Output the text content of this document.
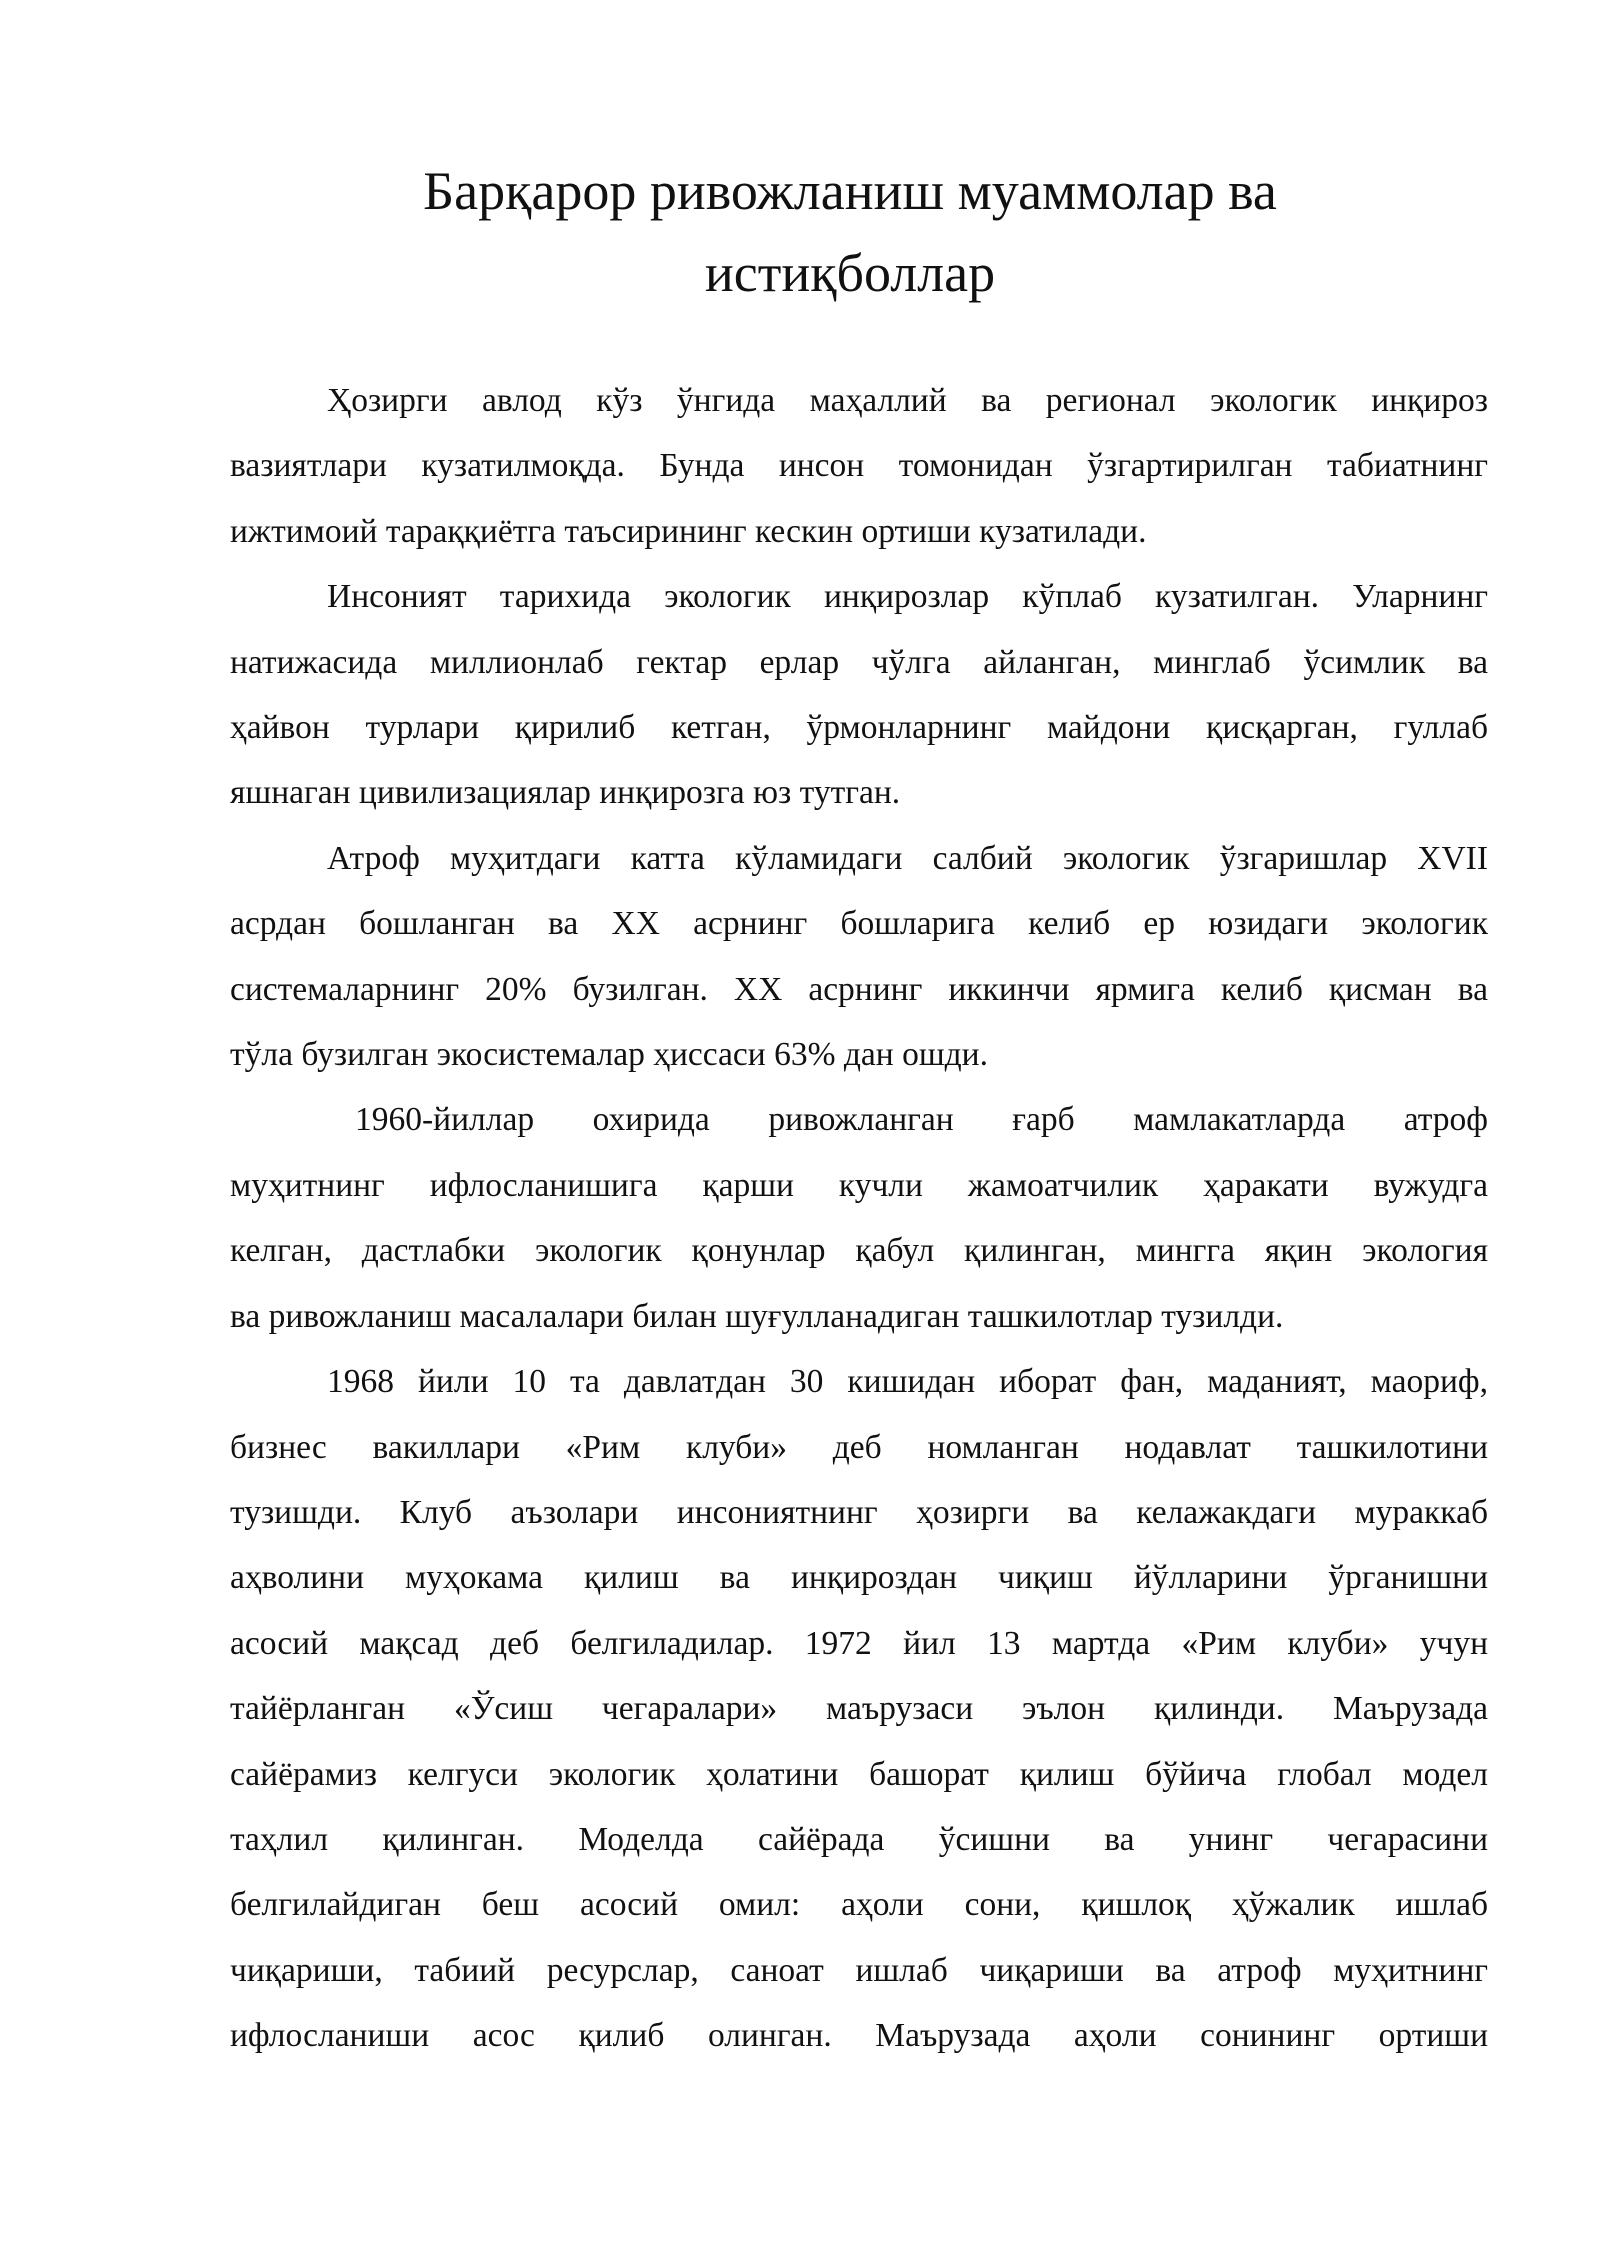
Барқарор ривожланиш муаммолар ва
истиқболлар

Ҳозирги авлод кўз ўнгида маҳаллий ва регионал экологик инқироз
вазиятлари кузатилмоқда. Бунда инсон томонидан ўзгартирилган табиатнинг
ижтимоий тараққиётга таъсирининг кескин ортиши кузатилади.

Инсоният тарихида экологик инқирозлар кўплаб кузатилган. Уларнинг
натижасида миллионлаб гектар ерлар чўлга айланган, минглаб ўсимлик ва
ҳайвон турлари қирилиб кетган, ўрмонларнинг майдони қисқарган, гуллаб
яшнаган цивилизациялар инқирозга юз тутган.

Атроф муҳитдаги катта кўламидаги салбий экологик ўзгаришлар XVII
асрдан бошланган ва XX асрнинг бошларига келиб ер юзидаги экологик
системаларнинг 20% бузилган. XX асрнинг иккинчи ярмига келиб қисман ва
тўла бузилган экосистемалар ҳиссаси 63% дан ошди.

1960-йиллар охирида ривожланган ғарб мамлакатларда атроф
муҳитнинг ифлосланишига қарши кучли жамоатчилик ҳаракати вужудга
келган, дастлабки экологик қонунлар қабул қилинган, мингга яқин экология
ва ривожланиш масалалари билан шуғулланадиган ташкилотлар тузилди.

1968 йили 10 та давлатдан 30 кишидан иборат фан, маданият, маориф,
бизнес вакиллари «Рим клуби» деб номланган нодавлат ташкилотини
тузишди. Клуб аъзолари инсониятнинг ҳозирги ва келажакдаги мураккаб
аҳволини муҳокама қилиш ва инқироздан чиқиш йўлларини ўрганишни
асосий мақсад деб белгиладилар. 1972 йил 13 мартда «Рим клуби» учун
тайёрланган «Ўсиш чегаралари» маърузаси эълон қилинди. Маърузада
сайёрамиз келгуси экологик ҳолатини башорат қилиш бўйича глобал модел
таҳлил қилинган. Моделда сайёрада ўсишни ва унинг чегарасини
белгилайдиган беш асосий омил: аҳоли сони, қишлоқ ҳўжалик ишлаб
чиқариши, табиий ресурслар, саноат ишлаб чиқариши ва атроф муҳитнинг
ифлосланиши асос қилиб олинган. Маърузада аҳоли сонининг ортиши
